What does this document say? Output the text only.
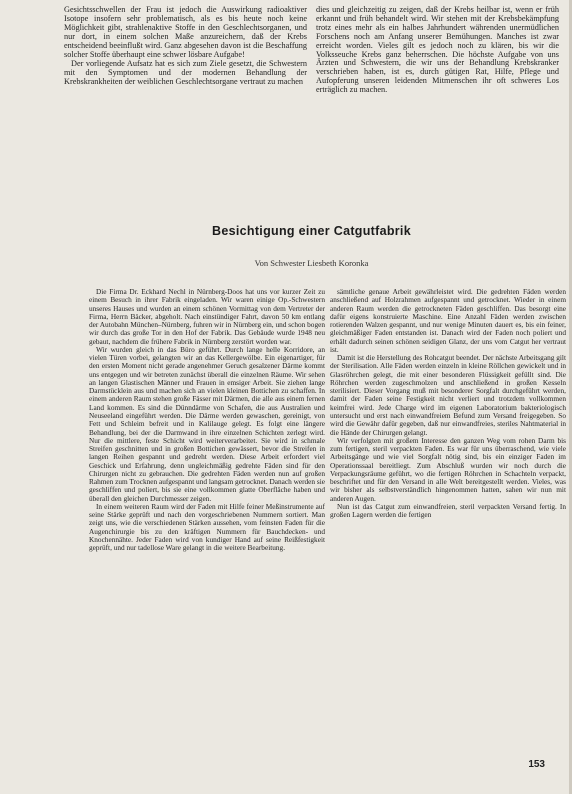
Gesichtsschwellen der Frau ist jedoch die Auswirkung radioaktiver Isotope insofern sehr problematisch, als es bis heute noch keine Möglichkeit gibt, strahlenaktive Stoffe in den Geschlechtsorganen, und nur dort, in einem solchen Maße anzureichern, daß der Krebs entscheidend beeinflußt wird. Ganz abgesehen davon ist die Beschaffung solcher Stoffe überhaupt eine schwer lösbare Aufgabe!

Der vorliegende Aufsatz hat es sich zum Ziele gesetzt, die Schwestern mit den Symptomen und der modernen Behandlung der Krebskrankheiten der weiblichen Geschlechtsorgane vertraut zu machen

dies und gleichzeitig zu zeigen, daß der Krebs heilbar ist, wenn er früh erkannt und früh behandelt wird. Wir stehen mit der Krebsbekämpfung trotz eines mehr als ein halbes Jahrhundert währenden unermüdlichen Forschens noch am Anfang unserer Bemühungen. Manches ist zwar erreicht worden. Vieles gilt es jedoch noch zu klären, bis wir die Volksseuche Krebs ganz beherrschen. Die höchste Aufgabe von uns Ärzten und Schwestern, die wir uns der Behandlung Krebskranker verschrieben haben, ist es, durch gütigen Rat, Hilfe, Pflege und Aufopferung unseren leidenden Mitmenschen ihr oft schweres Los erträglich zu machen.

Besichtigung einer Catgutfabrik
Von Schwester Liesbeth Koronka

Die Firma Dr. Eckhard Nechl in Nürnberg-Doos hat uns vor kurzer Zeit zu einem Besuch in ihrer Fabrik eingeladen. Wir waren einige Op.-Schwestern unseres Hauses und wurden an einem schönen Vormittag von dem Vertreter der Firma, Herrn Bäcker, abgeholt. Nach einstündiger Fahrt, davon 50 km entlang der Autobahn München–Nürnberg, fuhren wir in Nürnberg ein, und schon bogen wir durch das große Tor in den Hof der Fabrik. Das Gebäude wurde 1948 neu gebaut, nachdem die frühere Fabrik in Nürnberg zerstört worden war.

Wir wurden gleich in das Büro geführt. Durch lange helle Korridore, an vielen Türen vorbei, gelangten wir an das Kellergewölbe. Ein eigenartiger, für den ersten Moment nicht gerade angenehmer Geruch gesalzener Därme kommt uns entgegen und wir betreten zunächst überall die einzelnen Räume. Wir sehen an langen Glastischen Männer und Frauen in emsiger Arbeit. Sie ziehen lange Darmstücklein aus und machen sich an vielen kleinen Bottichen zu schaffen. In einem anderen Raum stehen große Fässer mit Därmen, die alle aus einem fernen Land kommen. Es sind die Dünndärme von Schafen, die aus Australien und Neuseeland eingeführt werden. Die Därme werden gewaschen, gereinigt, von Fett und Schleim befreit und in Kalilauge gelegt. Es folgt eine längere Behandlung, bei der die Darmwand in ihre einzelnen Schichten zerlegt wird. Nur die mittlere, feste Schicht wird weiterverarbeitet. Sie wird in schmale Streifen geschnitten und in großen Bottichen gewässert, bevor die Streifen in langen Reihen gespannt und gedreht werden. Diese Arbeit erfordert viel Geschick und Erfahrung, denn ungleichmäßig gedrehte Fäden sind für den Chirurgen nicht zu gebrauchen. Die gedrehten Fäden werden nun auf großen Rahmen zum Trocknen aufgespannt und langsam getrocknet. Danach werden sie geschliffen und poliert, bis sie eine vollkommen glatte Oberfläche haben und überall den gleichen Durchmesser zeigen.

In einem weiteren Raum wird der Faden mit Hilfe feiner Meßinstrumente auf seine Stärke geprüft und nach den vorgeschriebenen Nummern sortiert. Man zeigt uns, wie die verschiedenen Stärken aussehen, vom feinsten Faden für die Augenchirurgie bis zu den kräftigen Nummern für Bauchdecken- und Knochennähte. Jeder Faden wird von kundiger Hand auf seine Reißfestigkeit geprüft, und nur tadellose Ware gelangt in die weitere Bearbeitung.

sämtliche genaue Arbeit gewährleistet wird. Die gedrehten Fäden werden anschließend auf Holzrahmen aufgespannt und getrocknet. Wieder in einem anderen Raum werden die getrockneten Fäden geschliffen. Das besorgt eine dafür eigens konstruierte Maschine. Eine Anzahl Fäden werden zwischen rotierenden Walzen gespannt, und nur wenige Minuten dauert es, bis ein feiner, gleichmäßiger Faden entstanden ist. Danach wird der Faden noch poliert und erhält dadurch seinen schönen seidigen Glanz, der uns vom Catgut her vertraut ist.

Damit ist die Herstellung des Rohcatgut beendet. Der nächste Arbeitsgang gilt der Sterilisation. Alle Fäden werden einzeln in kleine Röllchen gewickelt und in Glasröhrchen gelegt, die mit einer besonderen Flüssigkeit gefüllt sind. Die Röhrchen werden zugeschmolzen und anschließend in großen Kesseln sterilisiert. Dieser Vorgang muß mit besonderer Sorgfalt durchgeführt werden, damit der Faden seine Festigkeit nicht verliert und trotzdem vollkommen keimfrei wird. Jede Charge wird im eigenen Laboratorium bakteriologisch untersucht und erst nach einwandfreiem Befund zum Versand freigegeben. So wird die Gewähr dafür gegeben, daß nur einwandfreies, steriles Nahtmaterial in die Hände der Chirurgen gelangt.

Wir verfolgten mit großem Interesse den ganzen Weg vom rohen Darm bis zum fertigen, steril verpackten Faden. Es war für uns überraschend, wie viele Arbeitsgänge und wie viel Sorgfalt nötig sind, bis ein einziger Faden im Operationssaal bereitliegt. Zum Abschluß wurden wir noch durch die Verpackungsräume geführt, wo die fertigen Röhrchen in Schachteln verpackt, beschriftet und für den Versand in alle Welt bereitgestellt werden. Vieles, was wir bisher als selbstverständlich hingenommen hatten, sahen wir nun mit anderen Augen.

Nun ist das Catgut zum einwandfreien, steril verpackten Versand fertig. In großen Lagern werden die fertigen

153
